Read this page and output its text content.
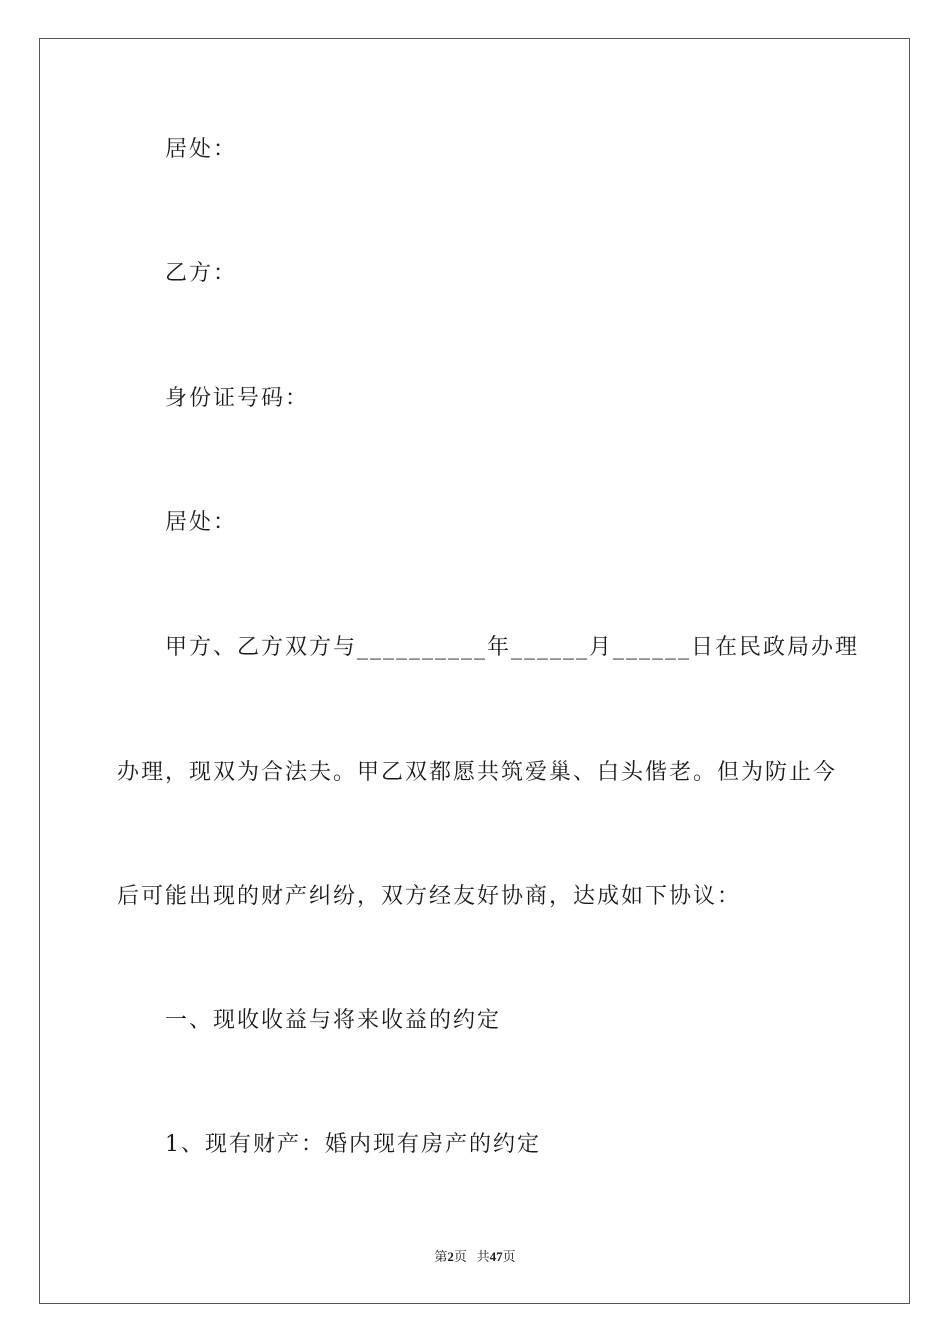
居处：
乙方：
身份证号码：
居处：
甲方、乙方双方与__________年______月______日在民政局办理
办理，现双为合法夫。甲乙双都愿共筑爱巢、白头偕老。但为防止今
后可能出现的财产纠纷，双方经友好协商，达成如下协议：
一、现收收益与将来收益的约定
1、现有财产：婚内现有房产的约定
第2页 共47页
